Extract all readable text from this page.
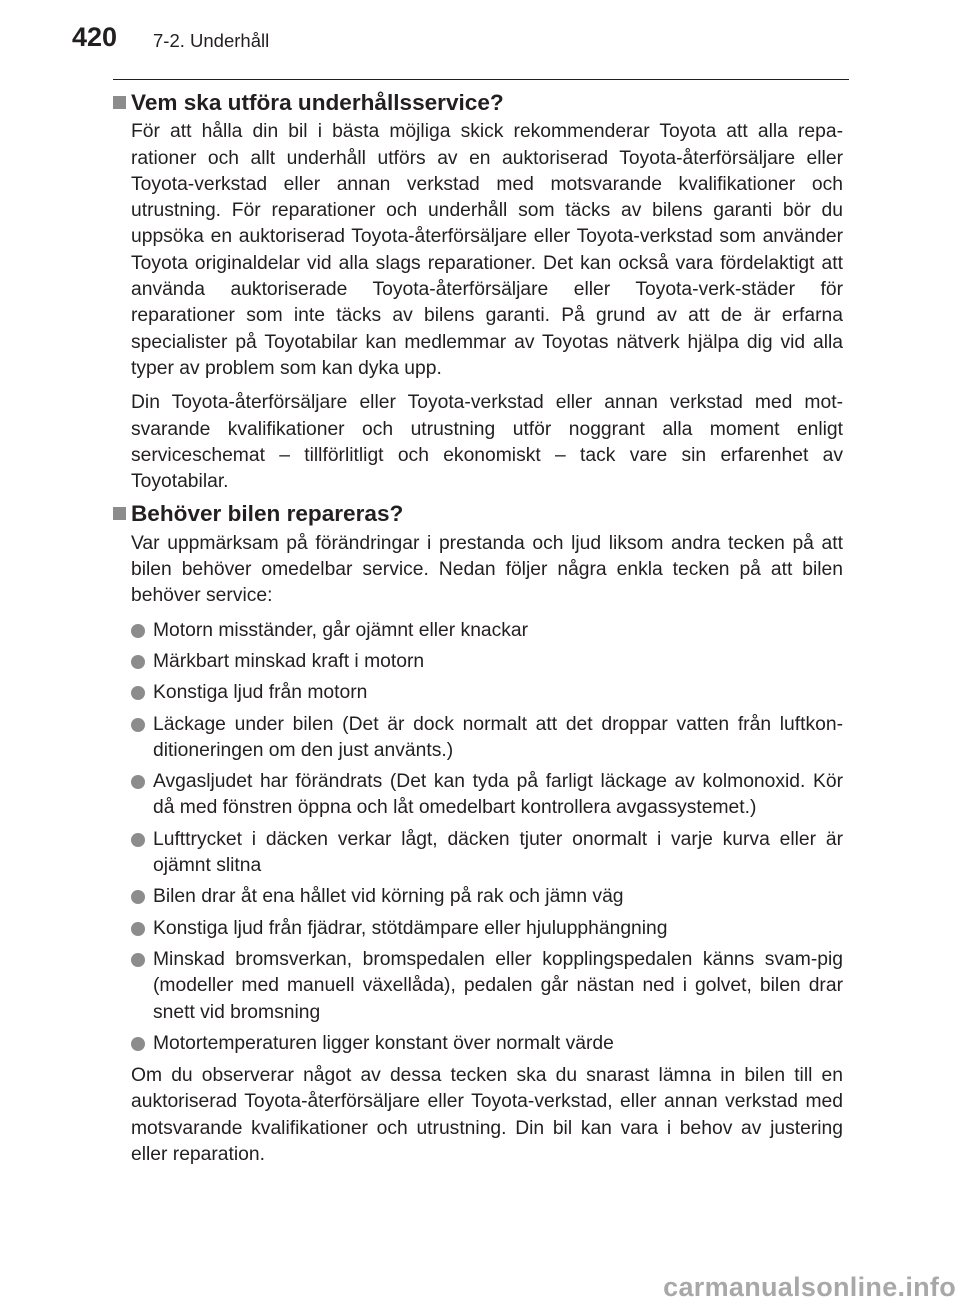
420 7-2. Underhåll
Vem ska utföra underhållsservice?

För att hålla din bil i bästa möjliga skick rekommenderar Toyota att alla repa-rationer och allt underhåll utförs av en auktoriserad Toyota-återförsäljare eller Toyota-verkstad eller annan verkstad med motsvarande kvalifikationer och utrustning. För reparationer och underhåll som täcks av bilens garanti bör du uppsöka en auktoriserad Toyota-återförsäljare eller Toyota-verkstad som använder Toyota originaldelar vid alla slags reparationer. Det kan också vara fördelaktigt att använda auktoriserade Toyota-återförsäljare eller Toyota-verk-städer för reparationer som inte täcks av bilens garanti. På grund av att de är erfarna specialister på Toyotabilar kan medlemmar av Toyotas nätverk hjälpa dig vid alla typer av problem som kan dyka upp.

Din Toyota-återförsäljare eller Toyota-verkstad eller annan verkstad med mot-svarande kvalifikationer och utrustning utför noggrant alla moment enligt serviceschemat – tillförlitligt och ekonomiskt – tack vare sin erfarenhet av Toyotabilar.

Behöver bilen repareras?

Var uppmärksam på förändringar i prestanda och ljud liksom andra tecken på att bilen behöver omedelbar service. Nedan följer några enkla tecken på att bilen behöver service:

Motorn misständer, går ojämnt eller knackar
Märkbart minskad kraft i motorn
Konstiga ljud från motorn
Läckage under bilen (Det är dock normalt att det droppar vatten från luftkon-ditioneringen om den just använts.)
Avgasljudet har förändrats (Det kan tyda på farligt läckage av kolmonoxid. Kör då med fönstren öppna och låt omedelbart kontrollera avgassystemet.)
Lufttrycket i däcken verkar lågt, däcken tjuter onormalt i varje kurva eller är ojämnt slitna
Bilen drar åt ena hållet vid körning på rak och jämn väg
Konstiga ljud från fjädrar, stötdämpare eller hjulupphängning
Minskad bromsverkan, bromspedalen eller kopplingspedalen känns svam-pig (modeller med manuell växellåda), pedalen går nästan ned i golvet, bilen drar snett vid bromsning
Motortemperaturen ligger konstant över normalt värde

Om du observerar något av dessa tecken ska du snarast lämna in bilen till en auktoriserad Toyota-återförsäljare eller Toyota-verkstad, eller annan verkstad med motsvarande kvalifikationer och utrustning. Din bil kan vara i behov av justering eller reparation.

carmanualsonline.info
